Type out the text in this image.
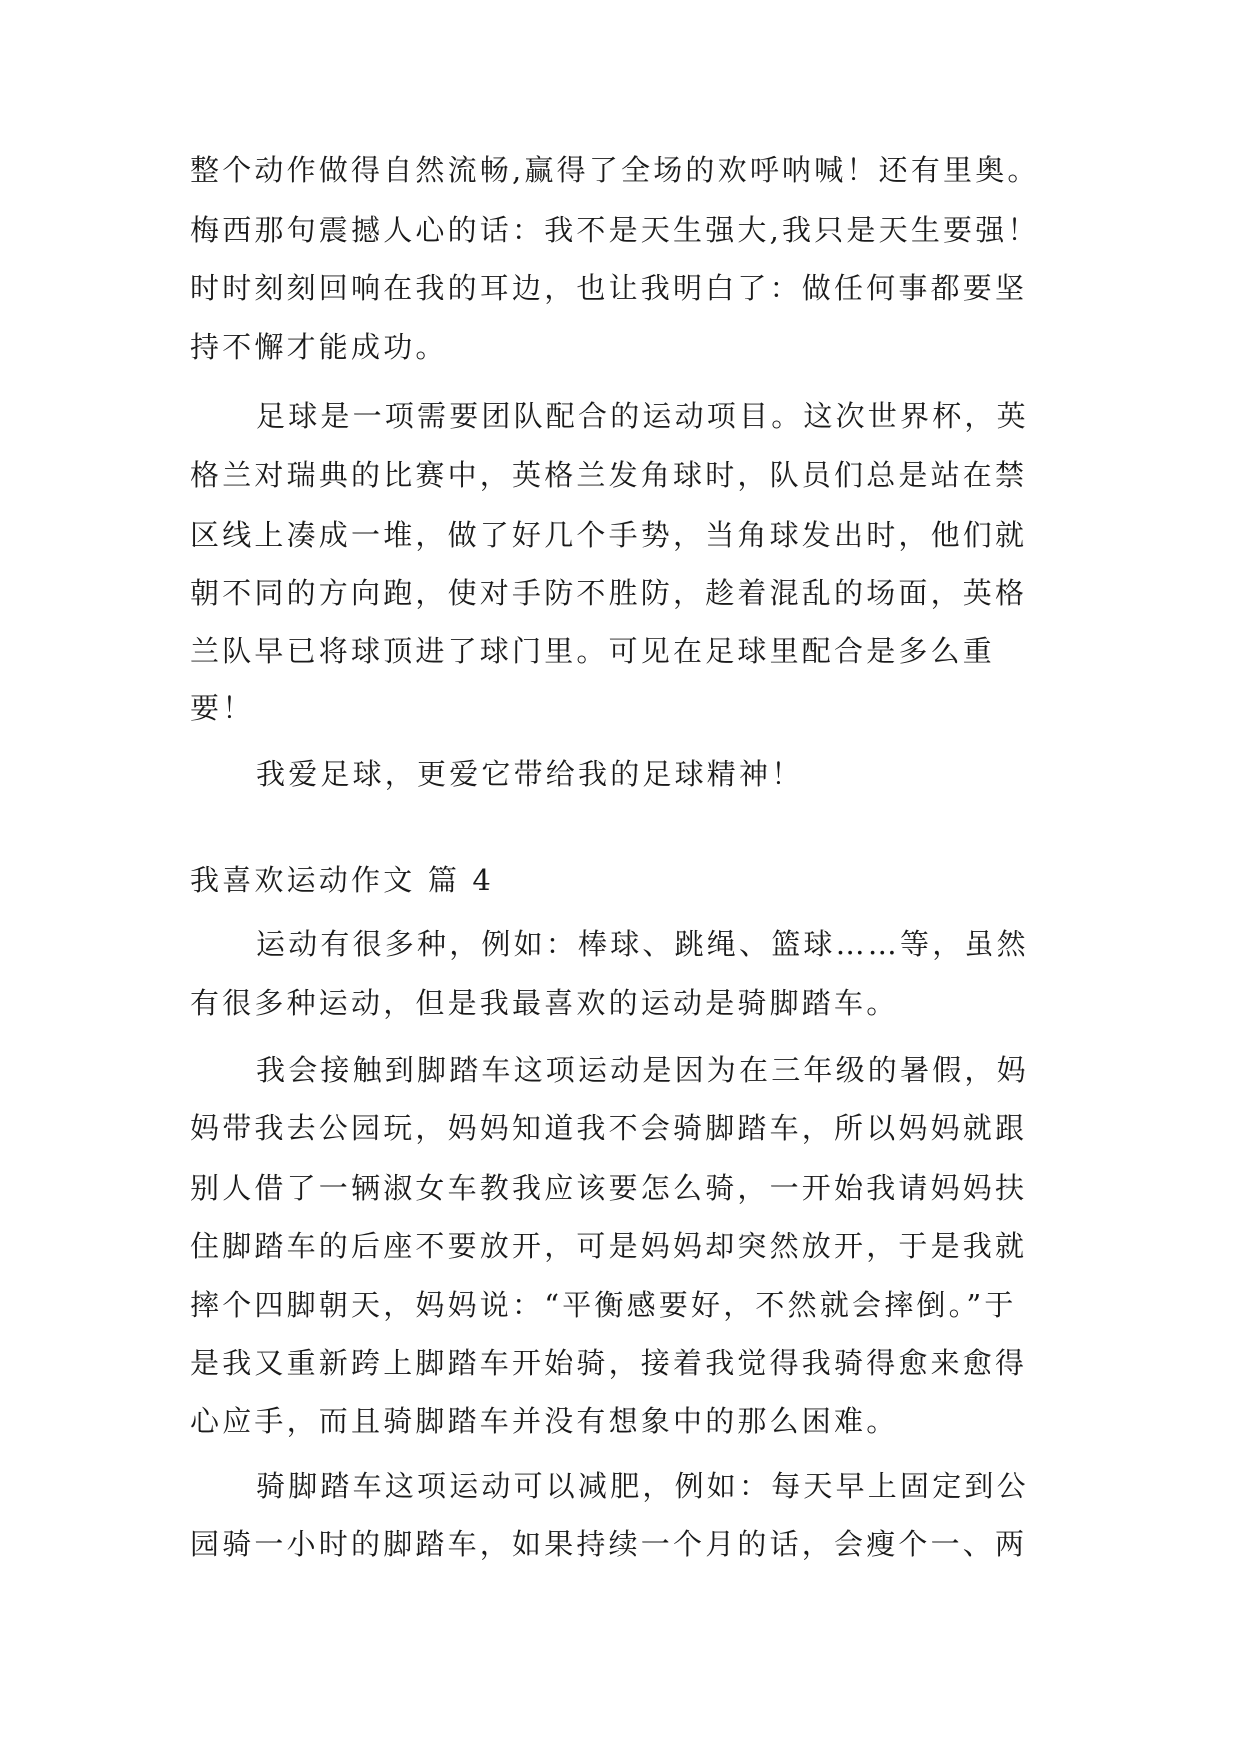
整个动作做得自然流畅,赢得了全场的欢呼呐喊！还有里奥。
梅西那句震撼人心的话：我不是天生强大,我只是天生要强！
时时刻刻回响在我的耳边，也让我明白了：做任何事都要坚
持不懈才能成功。
足球是一项需要团队配合的运动项目。这次世界杯，英
格兰对瑞典的比赛中，英格兰发角球时，队员们总是站在禁
区线上凑成一堆，做了好几个手势，当角球发出时，他们就
朝不同的方向跑，使对手防不胜防，趁着混乱的场面，英格
兰队早已将球顶进了球门里。可见在足球里配合是多么重
要！
我爱足球，更爱它带给我的足球精神！
我喜欢运动作文 篇 4
运动有很多种，例如：棒球、跳绳、篮球……等，虽然
有很多种运动，但是我最喜欢的运动是骑脚踏车。
我会接触到脚踏车这项运动是因为在三年级的暑假，妈
妈带我去公园玩，妈妈知道我不会骑脚踏车，所以妈妈就跟
别人借了一辆淑女车教我应该要怎么骑，一开始我请妈妈扶
住脚踏车的后座不要放开，可是妈妈却突然放开，于是我就
摔个四脚朝天，妈妈说：“平衡感要好，不然就会摔倒。”于
是我又重新跨上脚踏车开始骑，接着我觉得我骑得愈来愈得
心应手，而且骑脚踏车并没有想象中的那么困难。
骑脚踏车这项运动可以减肥，例如：每天早上固定到公
园骑一小时的脚踏车，如果持续一个月的话，会瘦个一、两
